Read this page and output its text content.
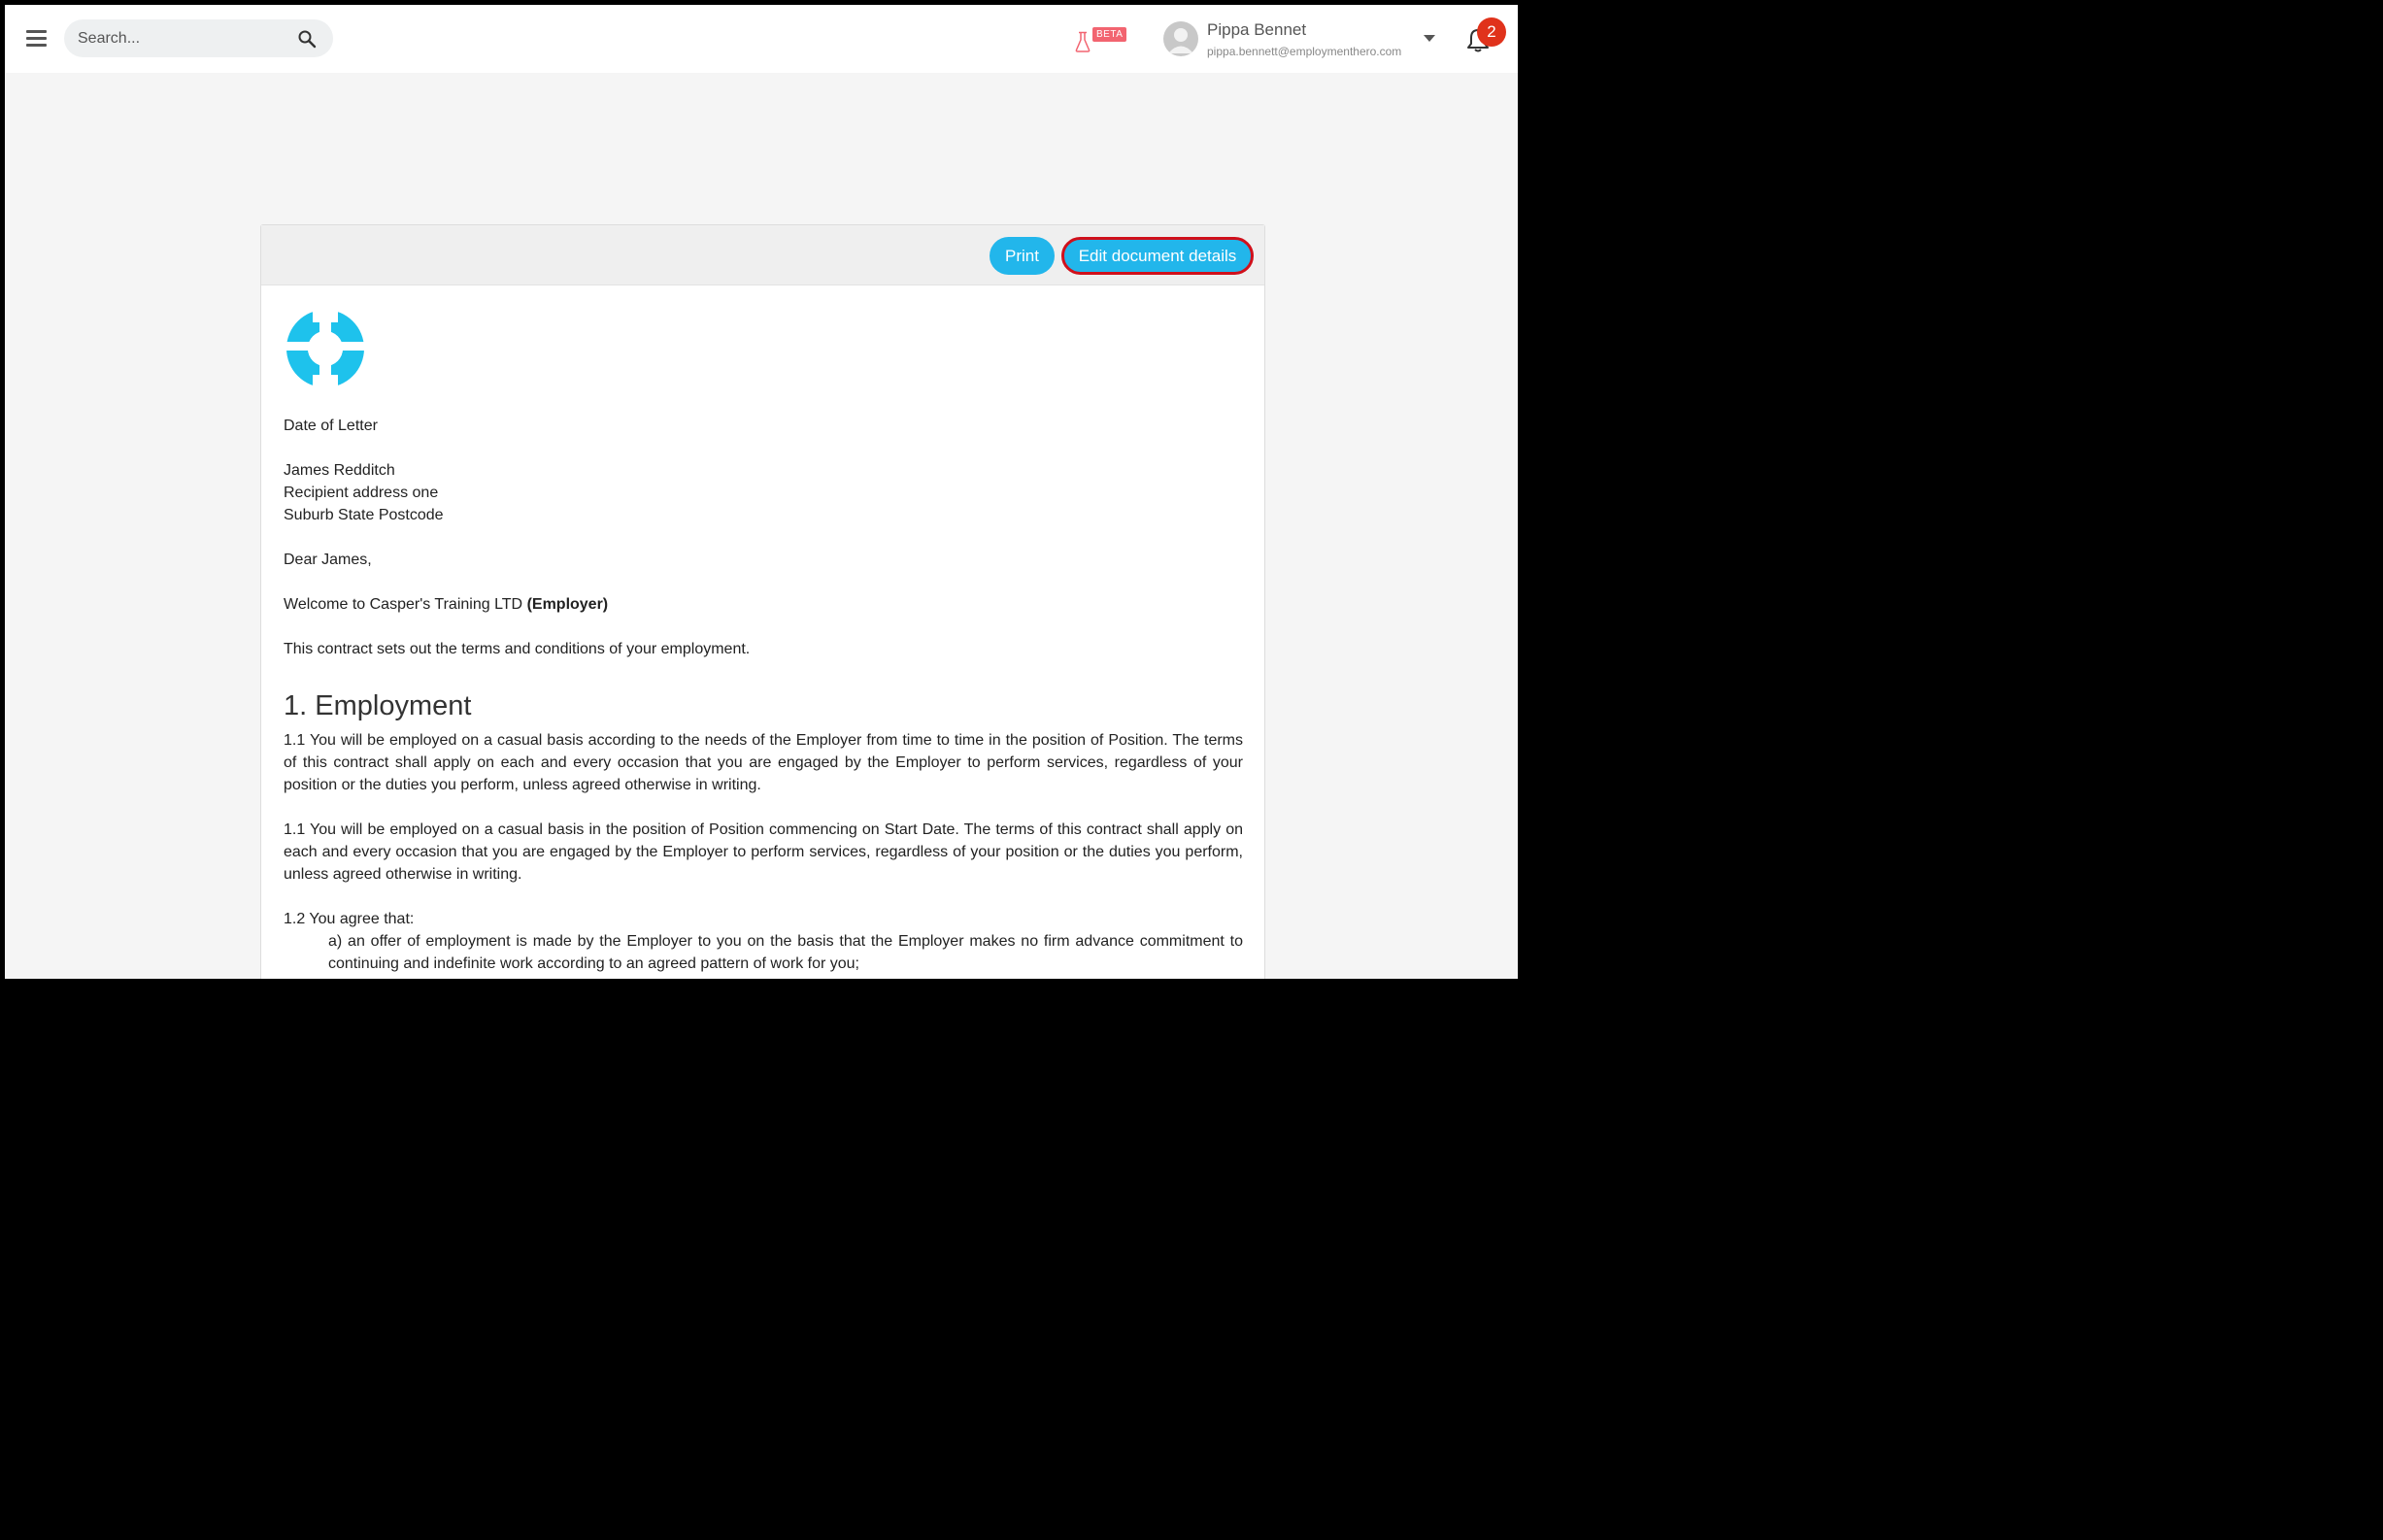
Search...
BETA	Pippa Bennet
pippa.bennett@employmenthero.com
2
Print	Edit document details

Date of Letter

James Redditch

Recipient address one

Suburb State Postcode

Dear James,

Welcome to Casper's Training LTD (Employer)

This contract sets out the terms and conditions of your employment.

1. Employment

1.1 You will be employed on a casual basis according to the needs of the Employer from time to time in the position of Position. The terms of this contract shall apply on each and every occasion that you are engaged by the Employer to perform services, regardless of your position or the duties you perform, unless agreed otherwise in writing.

1.1 You will be employed on a casual basis in the position of Position commencing on Start Date. The terms of this contract shall apply on each and every occasion that you are engaged by the Employer to perform services, regardless of your position or the duties you perform, unless agreed otherwise in writing.

1.2 You agree that:

a) an offer of employment is made by the Employer to you on the basis that the Employer makes no firm advance commitment to continuing and indefinite work according to an agreed pattern of work for you;
